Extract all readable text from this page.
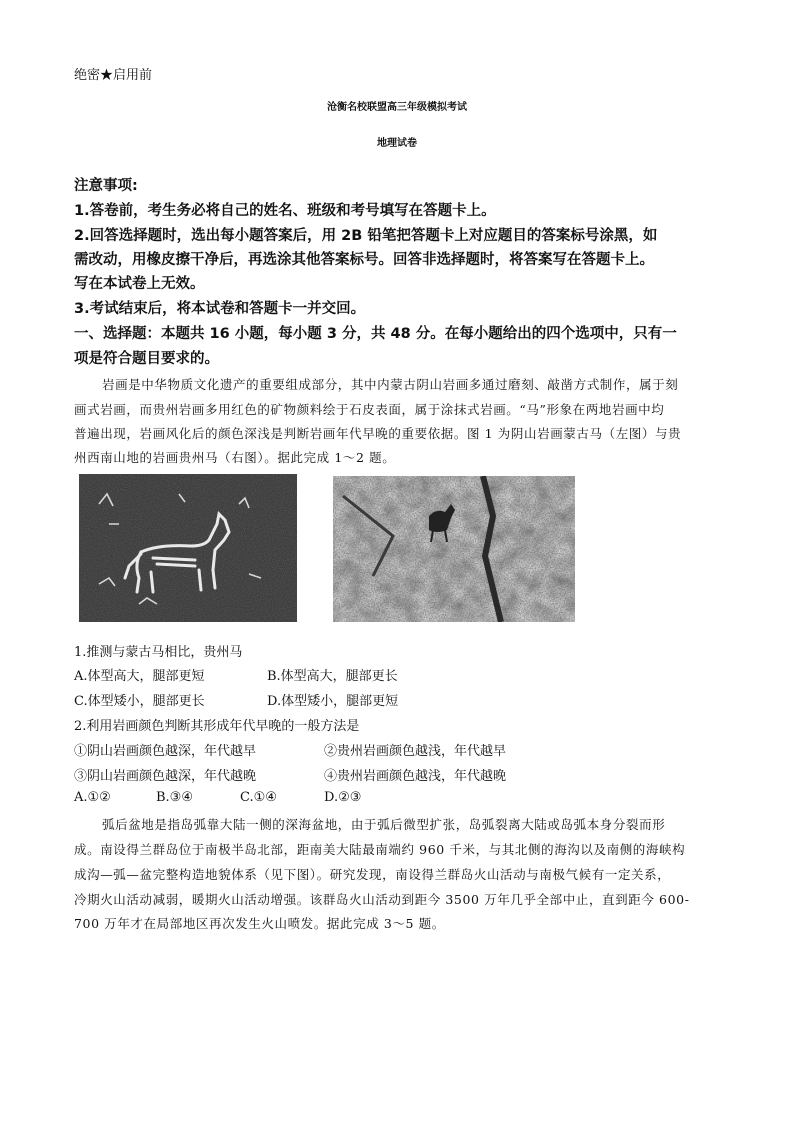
绝密★启用前
沧衡名校联盟高三年级模拟考试
地理试卷
注意事项:
1.答卷前，考生务必将自己的姓名、班级和考号填写在答题卡上。
2.回答选择题时，选出每小题答案后，用 2B 铅笔把答题卡上对应题目的答案标号涂黑，如
需改动，用橡皮擦干净后，再选涂其他答案标号。回答非选择题时，将答案写在答题卡上。
写在本试卷上无效。
3.考试结束后，将本试卷和答题卡一并交回。
一、选择题：本题共 16 小题，每小题 3 分，共 48 分。在每小题给出的四个选项中，只有一
项是符合题目要求的。
岩画是中华物质文化遗产的重要组成部分，其中内蒙古阴山岩画多通过磨刻、敲凿方式制作，属于刻
画式岩画，而贵州岩画多用红色的矿物颜料绘于石皮表面，属于涂抹式岩画。“马”形象在两地岩画中均
普遍出现，岩画风化后的颜色深浅是判断岩画年代早晚的重要依据。图 1 为阴山岩画蒙古马（左图）与贵
州西南山地的岩画贵州马（右图）。据此完成 1～2 题。
1.推测与蒙古马相比，贵州马
A.体型高大，腿部更短	B.体型高大，腿部更长
C.体型矮小，腿部更长	D.体型矮小，腿部更短
2.利用岩画颜色判断其形成年代早晚的一般方法是
①阴山岩画颜色越深，年代越早	②贵州岩画颜色越浅，年代越早
③阴山岩画颜色越深，年代越晚	④贵州岩画颜色越浅，年代越晚
A.①②	B.③④	C.①④	D.②③
弧后盆地是指岛弧靠大陆一侧的深海盆地，由于弧后微型扩张，岛弧裂离大陆或岛弧本身分裂而形
成。南设得兰群岛位于南极半岛北部，距南美大陆最南端约 960 千米，与其北侧的海沟以及南侧的海峡构
成沟—弧—盆完整构造地貌体系（见下图）。研究发现，南设得兰群岛火山活动与南极气候有一定关系，
冷期火山活动减弱，暖期火山活动增强。该群岛火山活动到距今 3500 万年几乎全部中止，直到距今 600-
700 万年才在局部地区再次发生火山喷发。据此完成 3～5 题。
